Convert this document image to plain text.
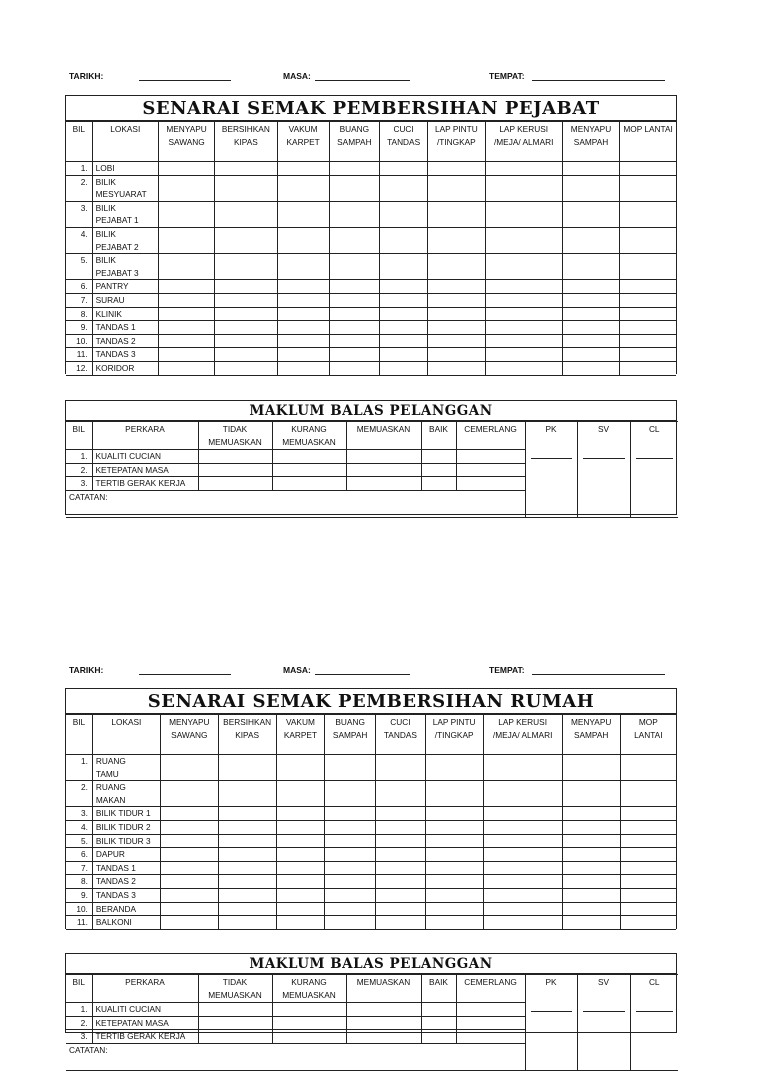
TARIKH:	MASA:	TEMPAT:
SENARAI SEMAK PEMBERSIHAN PEJABAT
BIL	LOKASI	MENYAPU SAWANG	BERSIHKAN KIPAS	VAKUM KARPET	BUANG SAMPAH	CUCI TANDAS	LAP PINTU /TINGKAP	LAP KERUSI /MEJA/ ALMARI	MENYAPU SAMPAH	MOP LANTAI
1.	LOBI									

2.	BILIK
MESYUARAT									

3.	BILIK
PEJABAT 1									

4.	BILIK
PEJABAT 2									

5.	BILIK
PEJABAT 3									

6.	PANTRY									

7.	SURAU									

8.	KLINIK									

9.	TANDAS 1									

10.	TANDAS 2									

11.	TANDAS 3									

12.	KORIDOR									

MAKLUM BALAS PELANGGAN
BIL	PERKARA	TIDAK MEMUASKAN	KURANG MEMUASKAN	MEMUASKAN	BAIK	CEMERLANG	PK	SV	CL

1.	KUALITI CUCIAN								
2.	KETEPATAN MASA								
3.	TERTIB GERAK KERJA								
CATATAN:									
TARIKH:	MASA:	TEMPAT:
SENARAI SEMAK PEMBERSIHAN RUMAH
BIL	LOKASI	MENYAPU SAWANG	BERSIHKAN KIPAS	VAKUM KARPET	BUANG SAMPAH	CUCI TANDAS	LAP PINTU /TINGKAP	LAP KERUSI /MEJA/ ALMARI	MENYAPU SAMPAH	MOP LANTAI
1.	RUANG
TAMU									

2.	RUANG
MAKAN									

3.	BILIK TIDUR 1									

4.	BILIK TIDUR 2									

5.	BILIK TIDUR 3									

6.	DAPUR									

7.	TANDAS 1									

8.	TANDAS 2									

9.	TANDAS 3									

10.	BERANDA									

11.	BALKONI									

MAKLUM BALAS PELANGGAN
BIL	PERKARA	TIDAK MEMUASKAN	KURANG MEMUASKAN	MEMUASKAN	BAIK	CEMERLANG	PK	SV	CL

1.	KUALITI CUCIAN								
2.	KETEPATAN MASA								
3.	TERTIB GERAK KERJA								
CATATAN:									
